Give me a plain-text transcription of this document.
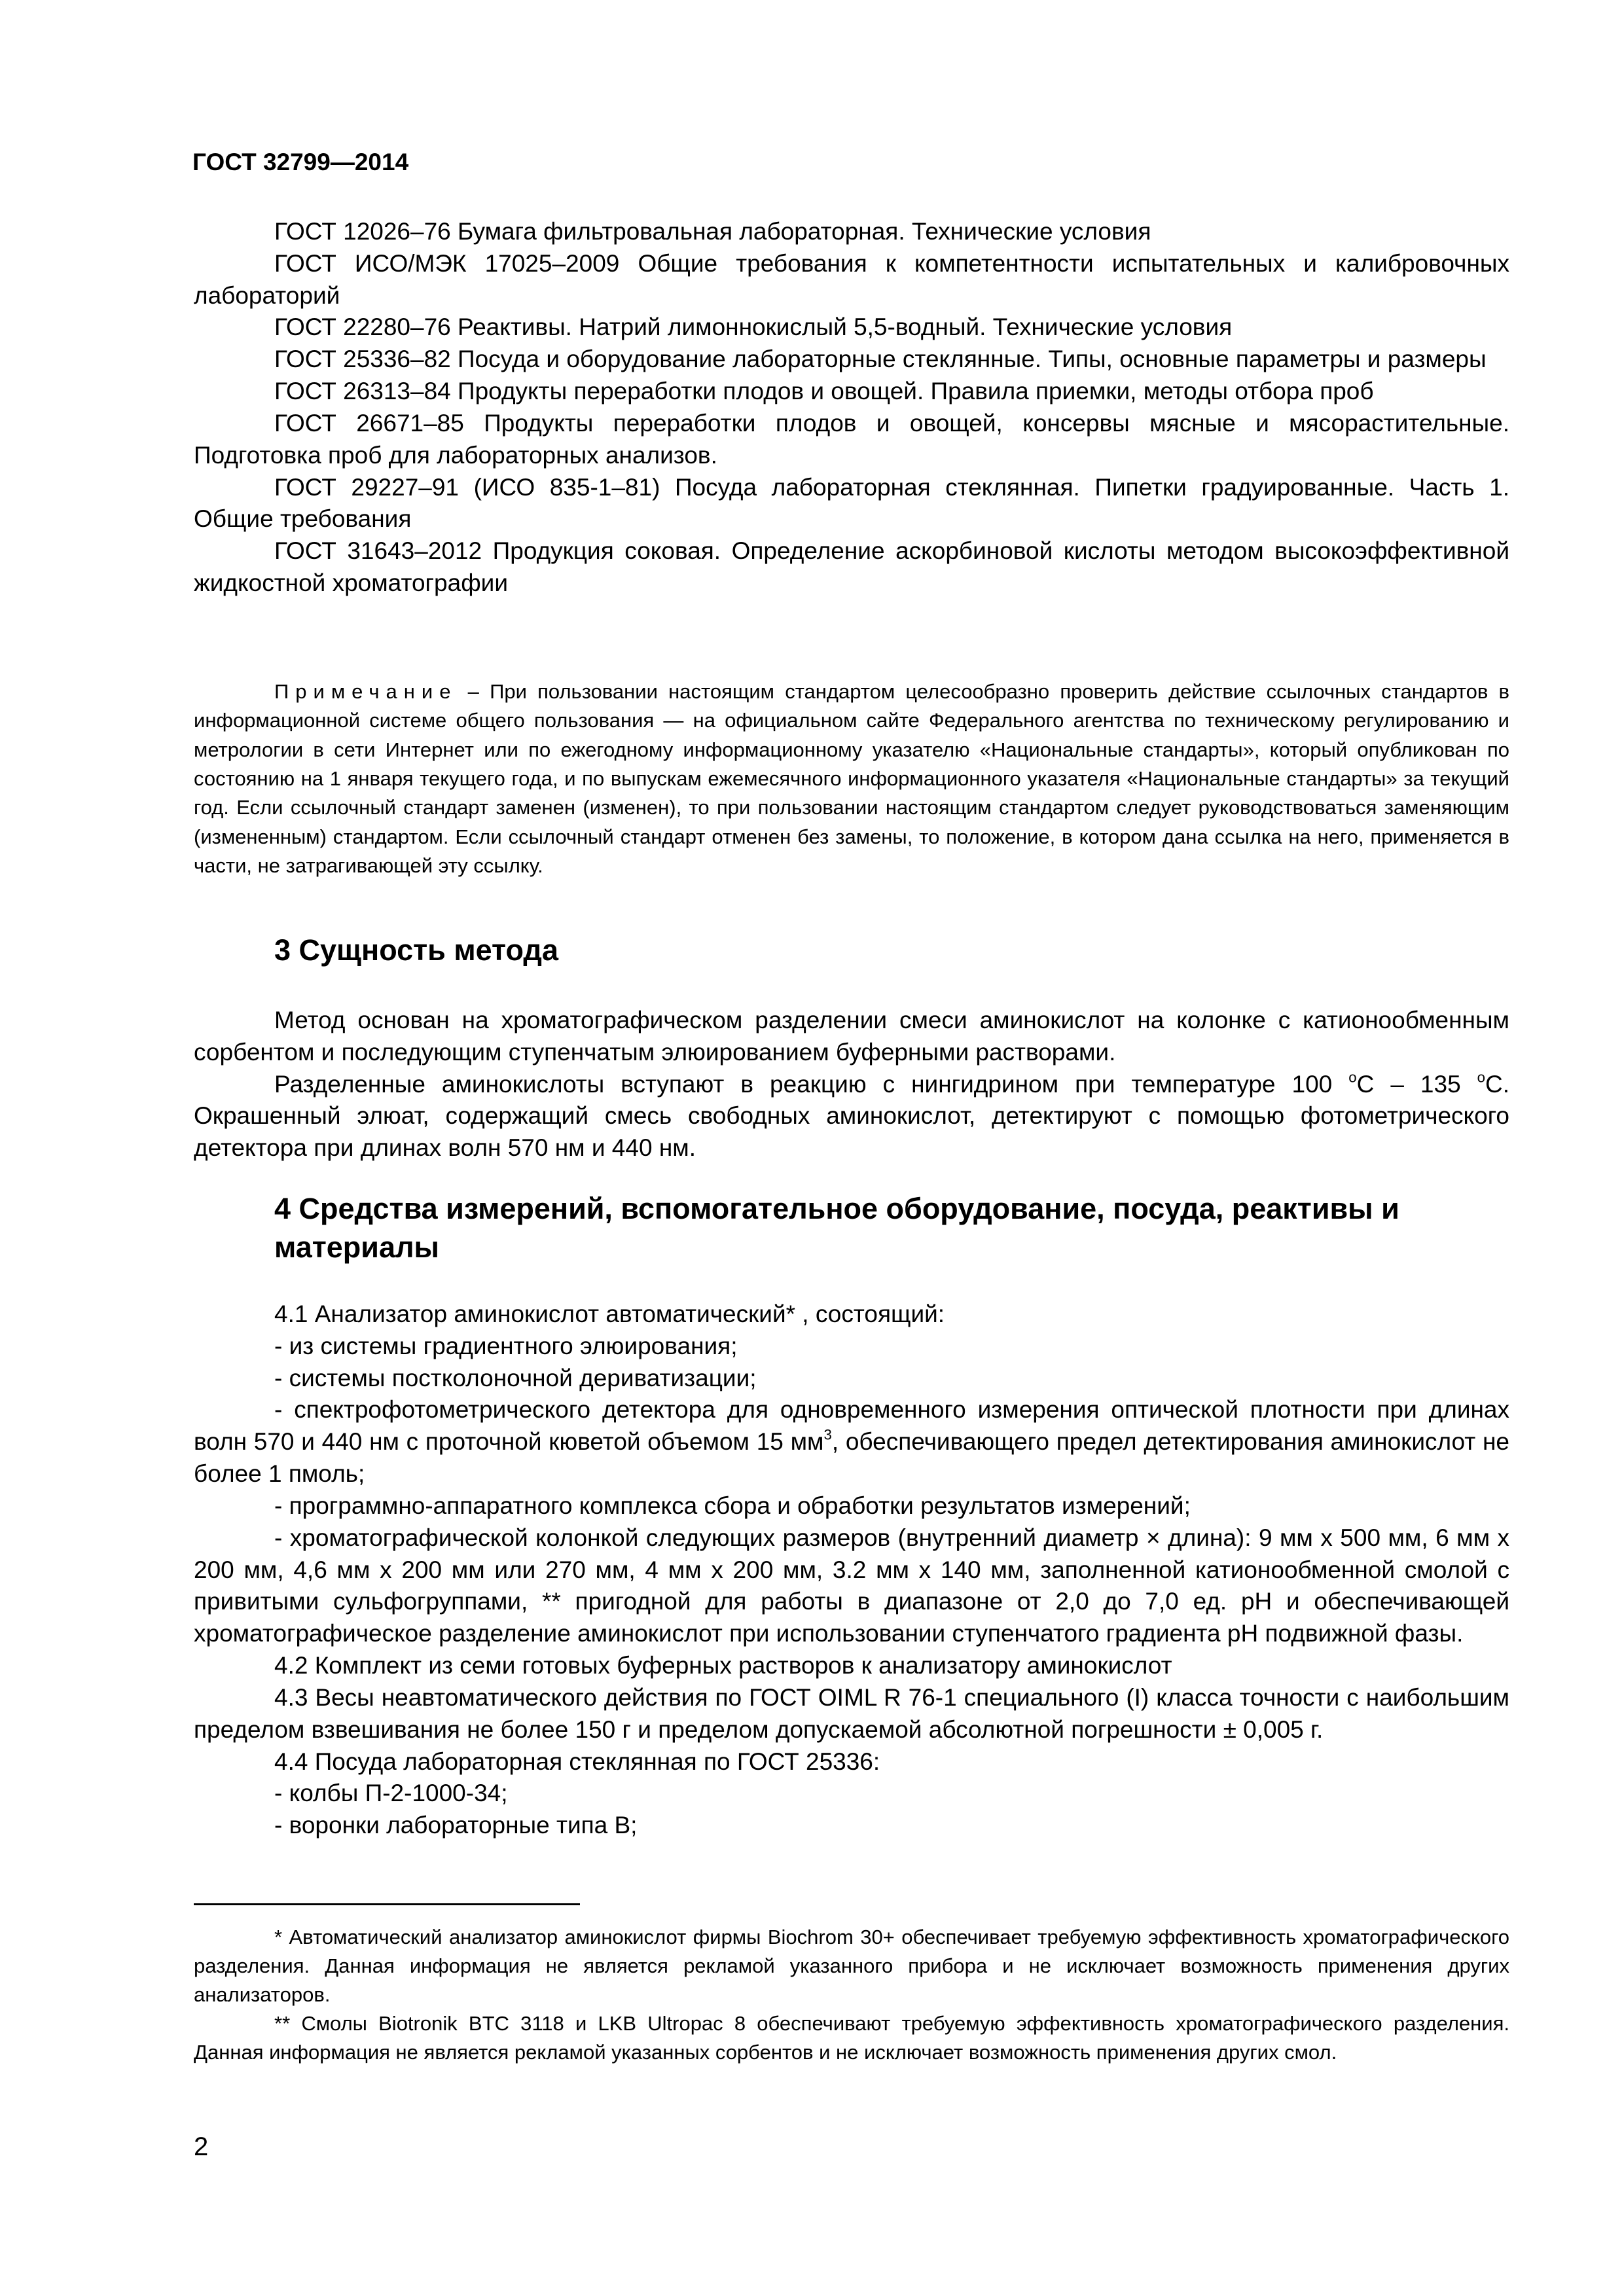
ГОСТ 32799—2014

ГОСТ 12026–76 Бумага фильтровальная лабораторная. Технические условия

ГОСТ ИСО/МЭК 17025–2009 Общие требования к компетентности испытательных и калибровочных лабораторий

ГОСТ 22280–76 Реактивы. Натрий лимоннокислый 5,5-водный. Технические условия

ГОСТ 25336–82 Посуда и оборудование лабораторные стеклянные. Типы, основные параметры и размеры

ГОСТ 26313–84 Продукты переработки плодов и овощей. Правила приемки, методы отбора проб

ГОСТ 26671–85 Продукты переработки плодов и овощей, консервы мясные и мясорастительные. Подготовка проб для лабораторных анализов.

ГОСТ 29227–91 (ИСО 835-1–81) Посуда лабораторная стеклянная. Пипетки градуированные. Часть 1. Общие требования

ГОСТ 31643–2012 Продукция соковая. Определение аскорбиновой кислоты методом высокоэффективной жидкостной хроматографии

Примечание – При пользовании настоящим стандартом целесообразно проверить действие ссылочных стандартов в информационной системе общего пользования — на официальном сайте Федерального агентства по техническому регулированию и метрологии в сети Интернет или по ежегодному информационному указателю «Национальные стандарты», который опубликован по состоянию на 1 января текущего года, и по выпускам ежемесячного информационного указателя «Национальные стандарты» за текущий год. Если ссылочный стандарт заменен (изменен), то при пользовании настоящим стандартом следует руководствоваться заменяющим (измененным) стандартом. Если ссылочный стандарт отменен без замены, то положение, в котором дана ссылка на него, применяется в части, не затрагивающей эту ссылку.

3 Сущность метода

Метод основан на хроматографическом разделении смеси аминокислот на колонке с катионообменным сорбентом и последующим ступенчатым элюированием буферными растворами.

Разделенные аминокислоты вступают в реакцию с нингидрином при температуре 100 $^o$С – 135 $^o$С. Окрашенный элюат, содержащий смесь свободных аминокислот, детектируют с помощью фотометрического детектора при длинах волн 570 нм и 440 нм.

4 Средства измерений, вспомогательное оборудование, посуда, реактивы и материалы

4.1 Анализатор аминокислот автоматический* , состоящий:

- из системы градиентного элюирования;

- системы постколоночной дериватизации;

- спектрофотометрического детектора для одновременного измерения оптической плотности при длинах волн 570 и 440 нм с проточной кюветой объемом 15 $мм^3$, обеспечивающего предел детектирования аминокислот не более 1 пмоль;

- программно-аппаратного комплекса сбора и обработки результатов измерений;

- хроматографической колонкой следующих размеров (внутренний диаметр × длина): 9 мм х 500 мм, 6 мм х 200 мм, 4,6 мм х 200 мм или 270 мм, 4 мм х 200 мм, 3.2 мм х 140 мм, заполненной катионообменной смолой с привитыми сульфогруппами, ** пригодной для работы в диапазоне от 2,0 до 7,0 ед. рН и обеспечивающей хроматографическое разделение аминокислот при использовании ступенчатого градиента рН подвижной фазы.

4.2 Комплект из семи готовых буферных растворов к анализатору аминокислот

4.3 Весы неавтоматического действия по ГОСТ OIML R 76-1 специального (I) класса точности с наибольшим пределом взвешивания не более 150 г и пределом допускаемой абсолютной погрешности ± 0,005 г.

4.4 Посуда лабораторная стеклянная по ГОСТ 25336:

- колбы П-2-1000-34;

- воронки лабораторные типа В;

* Автоматический анализатор аминокислот фирмы Biochrom 30+ обеспечивает требуемую эффективность хроматографического разделения. Данная информация не является рекламой указанного прибора и не исключает возможность применения других анализаторов.

** Смолы Biotronik BTC 3118 и LKB Ultropac 8 обеспечивают требуемую эффективность хроматографического разделения. Данная информация не является рекламой указанных сорбентов и не исключает возможность применения других смол.

2
